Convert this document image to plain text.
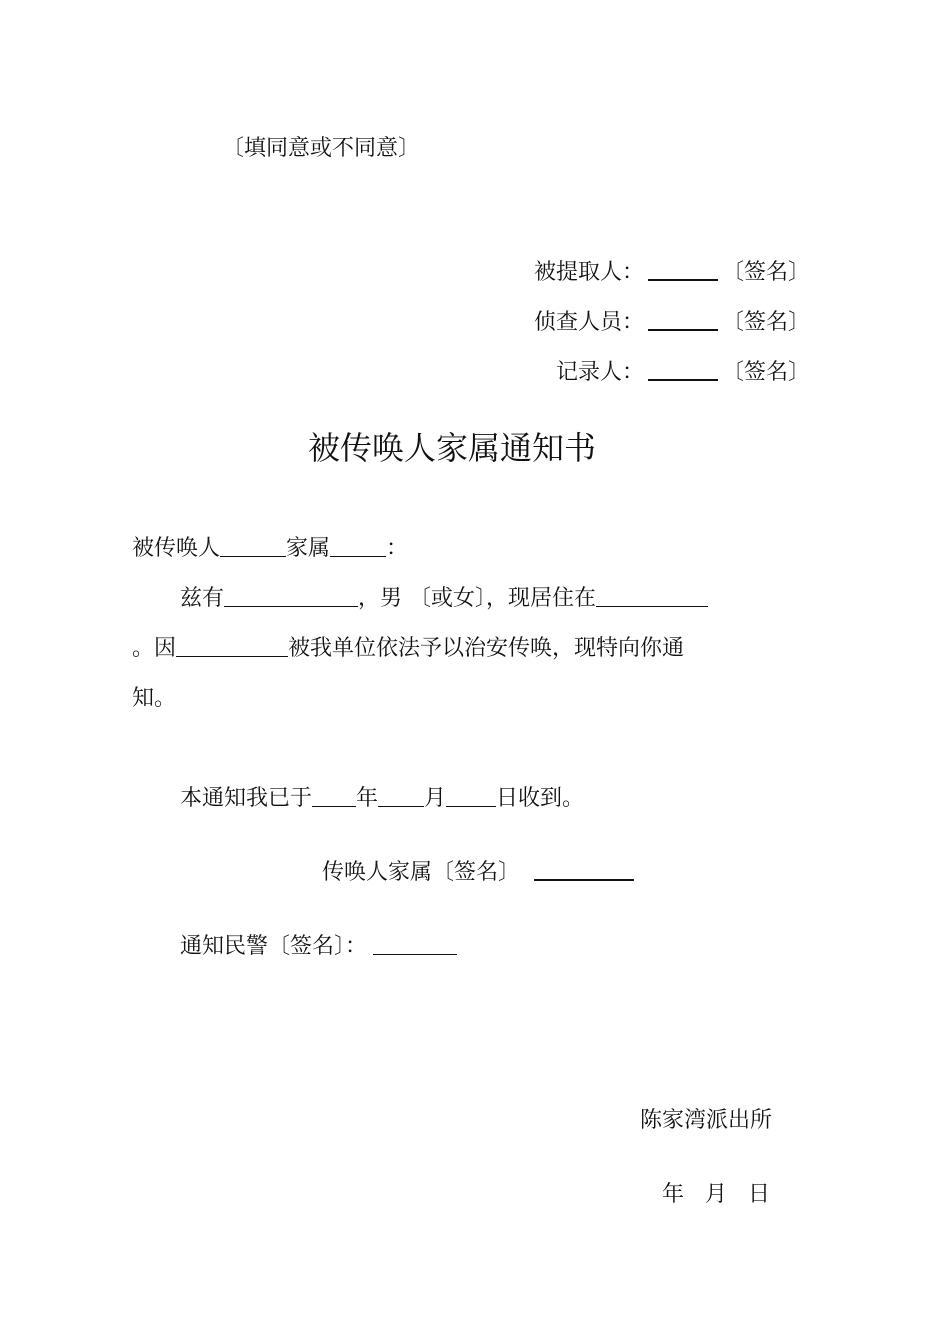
〔填同意或不同意〕
被提取人：	〔签名〕
侦查人员：	〔签名〕
记录人：	〔签名〕
被传唤人家属通知书
被传唤人	家属	：
兹有	，男 〔或女〕，现居住在
。因	被我单位依法予以治安传唤，现特向你通
知。
本通知我已于 年 月 日收到。
传唤人家属〔签名〕
通知民警〔签名〕：
陈家湾派出所
年   月   日
